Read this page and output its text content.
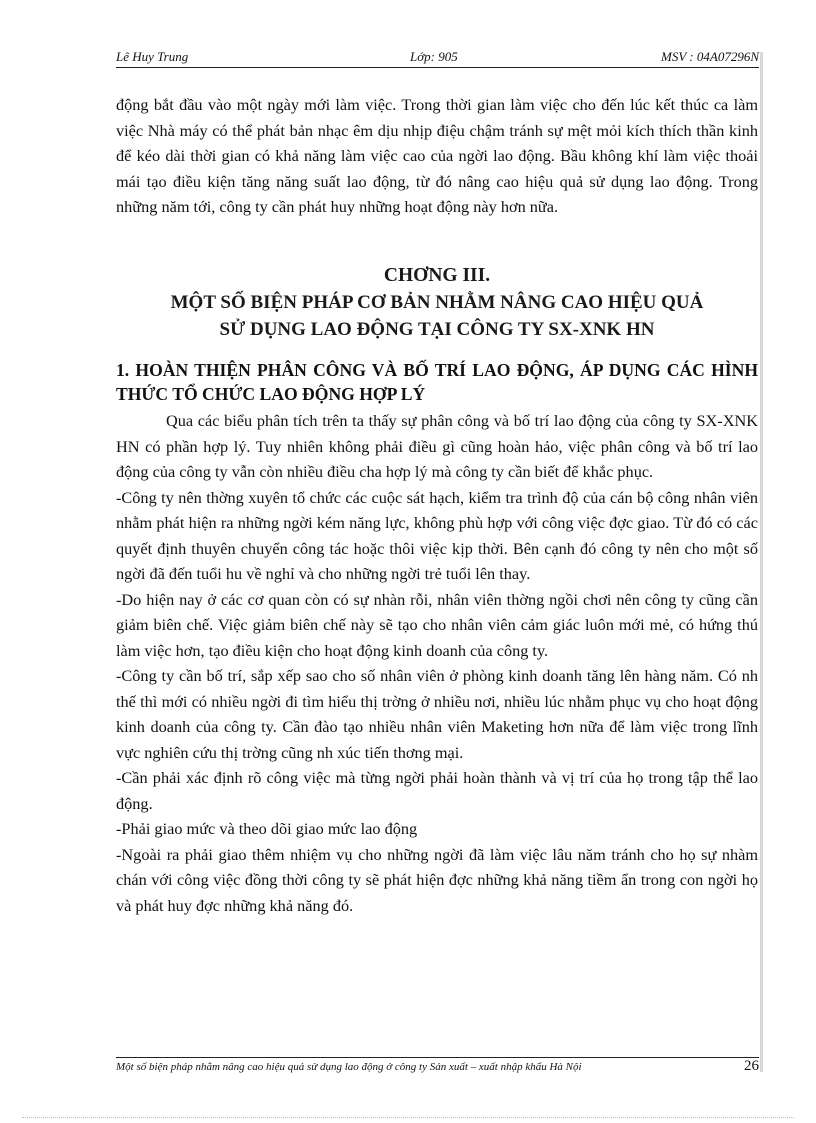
Lê Huy Trung	Lớp: 905	MSV : 04A07296N

động bắt đầu vào một ngày mới làm việc. Trong thời gian làm việc cho đến lúc kết thúc ca làm việc Nhà máy có thể phát bản nhạc êm dịu nhịp điệu chậm tránh sự mệt mỏi kích thích thần kinh để kéo dài thời gian có khả năng làm việc cao của ngời lao động. Bầu không khí làm việc thoải mái tạo điều kiện tăng năng suất lao động, từ đó nâng cao hiệu quả sử dụng lao động. Trong những năm tới, công ty cần phát huy những hoạt động này hơn nữa.

CHƠNG III.
MỘT SỐ BIỆN PHÁP CƠ BẢN NHẰM NÂNG CAO HIỆU QUẢ
SỬ DỤNG LAO ĐỘNG TẠI CÔNG TY SX-XNK HN
1. HOÀN THIỆN PHÂN CÔNG VÀ BỐ TRÍ LAO ĐỘNG, ÁP DỤNG CÁC HÌNH THỨC TỔ CHỨC LAO ĐỘNG HỢP LÝ

Qua các biểu phân tích trên ta thấy sự phân công và bố trí lao động của công ty SX-XNK HN có phần hợp lý. Tuy nhiên không phải điều gì cũng hoàn hảo, việc phân công và bố trí lao động của công ty vẫn còn nhiều điều cha hợp lý mà công ty cần biết để khắc phục.

-Công ty nên thờng xuyên tổ chức các cuộc sát hạch, kiểm tra trình độ của cán bộ công nhân viên nhằm phát hiện ra những ngời kém năng lực, không phù hợp với công việc đợc giao. Từ đó có các quyết định thuyên chuyển công tác hoặc thôi việc kịp thời. Bên cạnh đó công ty nên cho một số ngời đã đến tuổi hu về nghỉ và cho những ngời trẻ tuổi lên thay.

-Do hiện nay ở các cơ quan còn có sự nhàn rỗi, nhân viên thờng ngồi chơi nên công ty cũng cần giảm biên chế. Việc giảm biên chế này sẽ tạo cho nhân viên cảm giác luôn mới mẻ, có hứng thú làm việc hơn, tạo điều kiện cho hoạt động kinh doanh của công ty.

-Công ty cần bố trí, sắp xếp sao cho số nhân viên ở phòng kinh doanh tăng lên hàng năm. Có nh thế thì mới có nhiều ngời đi tìm hiểu thị trờng ở nhiều nơi, nhiều lúc nhằm phục vụ cho hoạt động kinh doanh của công ty. Cần đào tạo nhiều nhân viên Maketing hơn nữa để làm việc trong lĩnh vực nghiên cứu thị trờng cũng nh xúc tiến thơng mại.

-Cần phải xác định rõ công việc mà từng ngời phải hoàn thành và vị trí của họ trong tập thể lao động.

-Phải giao mức và theo dõi giao mức lao động

-Ngoài ra phải giao thêm nhiệm vụ cho những ngời đã làm việc lâu năm tránh cho họ sự nhàm chán với công việc đồng thời công ty sẽ phát hiện đợc những khả năng tiềm ẩn trong con ngời họ và phát huy đợc những khả năng đó.

Một số biện pháp nhằm nâng cao hiệu quả sử dụng lao động ở công ty Sản xuất – xuất nhập khẩu Hà Nội	26
